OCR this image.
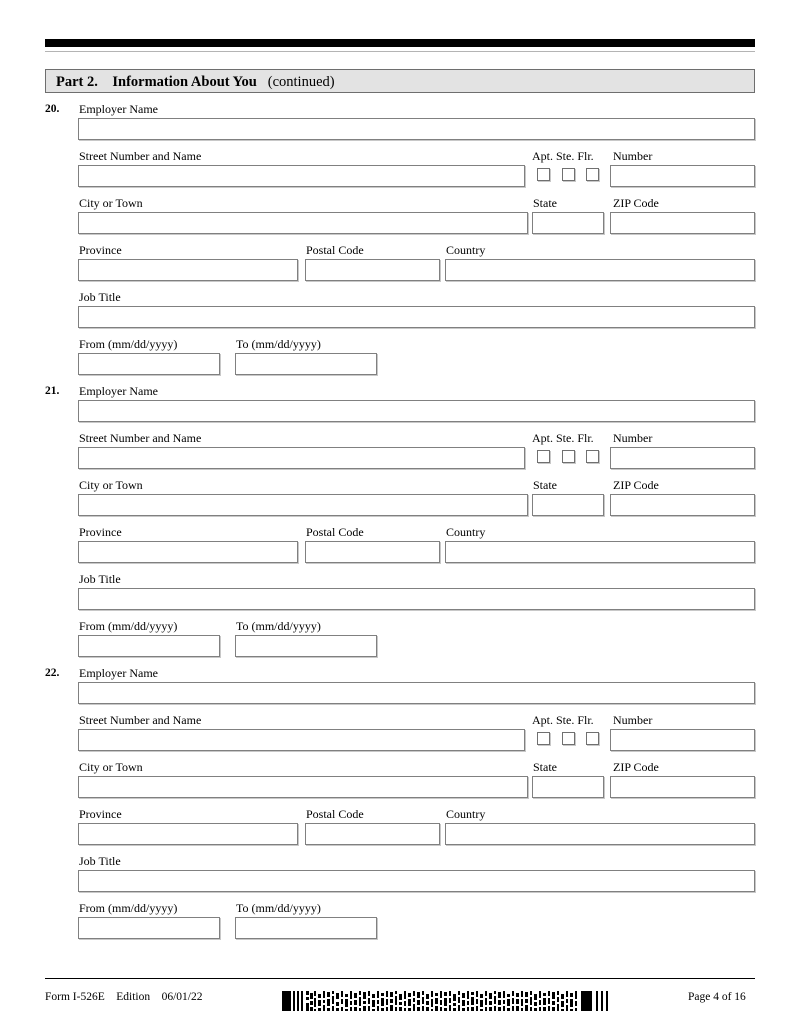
Part 2. Information About You (continued)
20. Employer Name
Street Number and Name	Apt. Ste. Flr. Number
City or Town	State	ZIP Code
Province	Postal Code	Country
Job Title
From (mm/dd/yyyy)	To (mm/dd/yyyy)
21. Employer Name
Street Number and Name	Apt. Ste. Flr. Number
City or Town	State	ZIP Code
Province	Postal Code	Country
Job Title
From (mm/dd/yyyy)	To (mm/dd/yyyy)
22. Employer Name
Street Number and Name	Apt. Ste. Flr. Number
City or Town	State	ZIP Code
Province	Postal Code	Country
Job Title
From (mm/dd/yyyy)	To (mm/dd/yyyy)
Form I-526E Edition 06/01/22	Page 4 of 16
